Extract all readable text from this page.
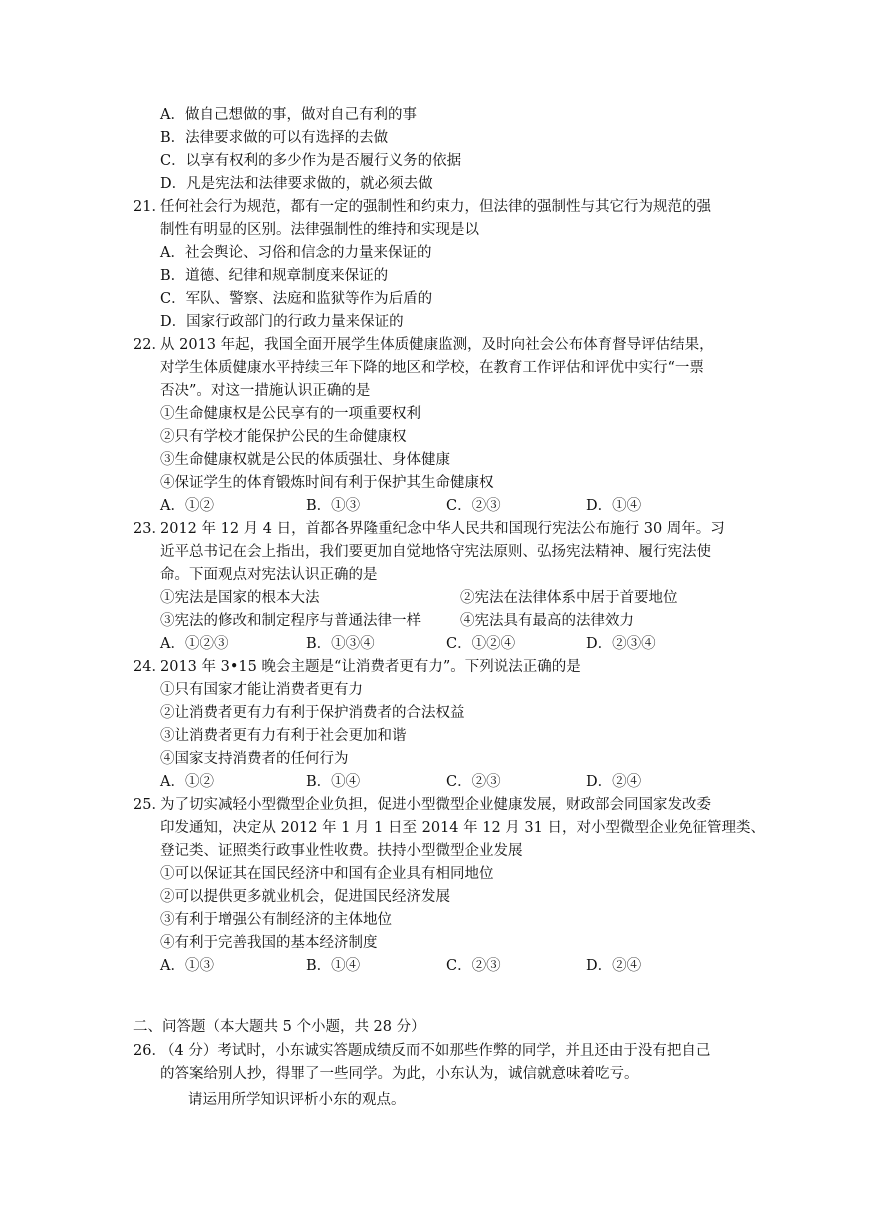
A．做自己想做的事，做对自己有利的事
B．法律要求做的可以有选择的去做
C．以享有权利的多少作为是否履行义务的依据
D．凡是宪法和法律要求做的，就必须去做
21．
任何社会行为规范，都有一定的强制性和约束力，但法律的强制性与其它行为规范的强
制性有明显的区别。法律强制性的维持和实现是以
A．社会舆论、习俗和信念的力量来保证的
B．道德、纪律和规章制度来保证的
C．军队、警察、法庭和监狱等作为后盾的
D．国家行政部门的行政力量来保证的
22．
从 2013 年起，我国全面开展学生体质健康监测，及时向社会公布体育督导评估结果，
对学生体质健康水平持续三年下降的地区和学校，在教育工作评估和评优中实行“一票
否决”。对这一措施认识正确的是
①生命健康权是公民享有的一项重要权利
②只有学校才能保护公民的生命健康权
③生命健康权就是公民的体质强壮、身体健康
④保证学生的体育锻炼时间有利于保护其生命健康权
A．①②	B．①③	C．②③	D．①④
23．
2012 年 12 月 4 日，首都各界隆重纪念中华人民共和国现行宪法公布施行 30 周年。习
近平总书记在会上指出，我们要更加自觉地恪守宪法原则、弘扬宪法精神、履行宪法使
命。下面观点对宪法认识正确的是
①宪法是国家的根本大法	②宪法在法律体系中居于首要地位
③宪法的修改和制定程序与普通法律一样	④宪法具有最高的法律效力
A．①②③	B．①③④	C．①②④	D．②③④
24．
2013 年 3•15 晚会主题是“让消费者更有力”。下列说法正确的是
①只有国家才能让消费者更有力
②让消费者更有力有利于保护消费者的合法权益
③让消费者更有力有利于社会更加和谐
④国家支持消费者的任何行为
A．①②	B．①④	C．②③	D．②④
25．
为了切实减轻小型微型企业负担，促进小型微型企业健康发展，财政部会同国家发改委
印发通知，决定从 2012 年 1 月 1 日至 2014 年 12 月 31 日，对小型微型企业免征管理类、
登记类、证照类行政事业性收费。扶持小型微型企业发展
①可以保证其在国民经济中和国有企业具有相同地位
②可以提供更多就业机会，促进国民经济发展
③有利于增强公有制经济的主体地位
④有利于完善我国的基本经济制度
A．①③	B．①④	C．②③	D．②④
二、问答题（本大题共 5 个小题，共 28 分）
26．
（4 分）考试时，小东诚实答题成绩反而不如那些作弊的同学，并且还由于没有把自己
的答案给别人抄，得罪了一些同学。为此，小东认为，诚信就意味着吃亏。
请运用所学知识评析小东的观点。
